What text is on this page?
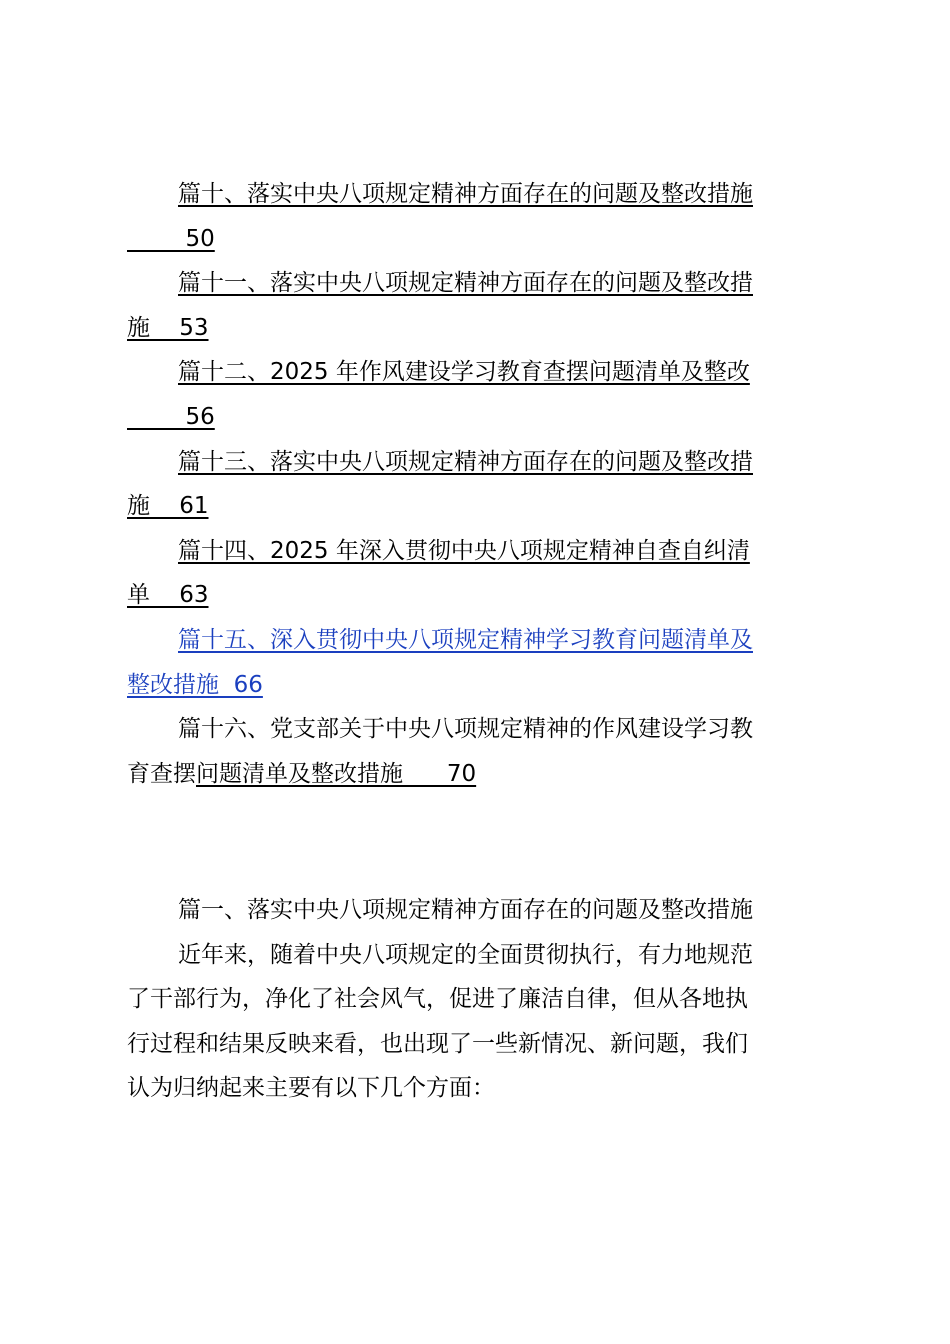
篇十、落实中央八项规定精神方面存在的问题及整改措施
50
篇十一、落实中央八项规定精神方面存在的问题及整改措
施    53
篇十二、2025 年作风建设学习教育查摆问题清单及整改
56
篇十三、落实中央八项规定精神方面存在的问题及整改措
施    61
篇十四、2025 年深入贯彻中央八项规定精神自查自纠清
单    63
篇十五、深入贯彻中央八项规定精神学习教育问题清单及
整改措施  66
篇十六、党支部关于中央八项规定精神的作风建设学习教
育查摆问题清单及整改措施      70
篇一、落实中央八项规定精神方面存在的问题及整改措施
近年来，随着中央八项规定的全面贯彻执行，有力地规范
了干部行为，净化了社会风气，促进了廉洁自律，但从各地执
行过程和结果反映来看，也出现了一些新情况、新问题，我们
认为归纳起来主要有以下几个方面：
